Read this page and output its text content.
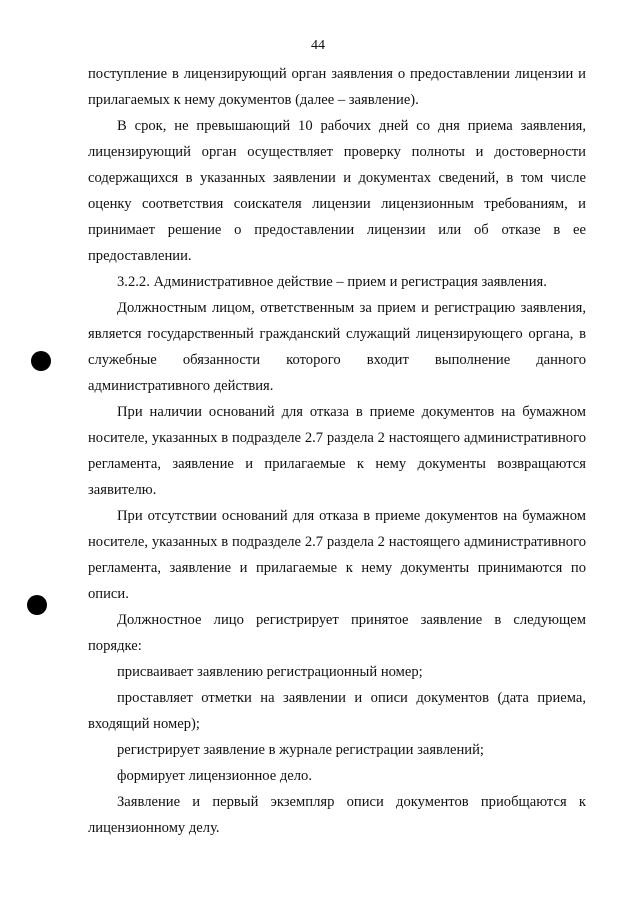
44

поступление в лицензирующий орган заявления о предоставлении лицензии и прилагаемых к нему документов (далее – заявление).

В срок, не превышающий 10 рабочих дней со дня приема заявления, лицензирующий орган осуществляет проверку полноты и достоверности содержащихся в указанных заявлении и документах сведений, в том числе оценку соответствия соискателя лицензии лицензионным требованиям, и принимает решение о предоставлении лицензии или об отказе в ее предоставлении.

3.2.2. Административное действие – прием и регистрация заявления.

Должностным лицом, ответственным за прием и регистрацию заявления, является государственный гражданский служащий лицензирующего органа, в служебные обязанности которого входит выполнение данного административного действия.

При наличии оснований для отказа в приеме документов на бумажном носителе, указанных в подразделе 2.7 раздела 2 настоящего административного регламента, заявление и прилагаемые к нему документы возвращаются заявителю.

При отсутствии оснований для отказа в приеме документов на бумажном носителе, указанных в подразделе 2.7 раздела 2 настоящего административного регламента, заявление и прилагаемые к нему документы принимаются по описи.

Должностное лицо регистрирует принятое заявление в следующем порядке:

присваивает заявлению регистрационный номер;

проставляет отметки на заявлении и описи документов (дата приема, входящий номер);

регистрирует заявление в журнале регистрации заявлений;

формирует лицензионное дело.

Заявление и первый экземпляр описи документов приобщаются к лицензионному делу.
